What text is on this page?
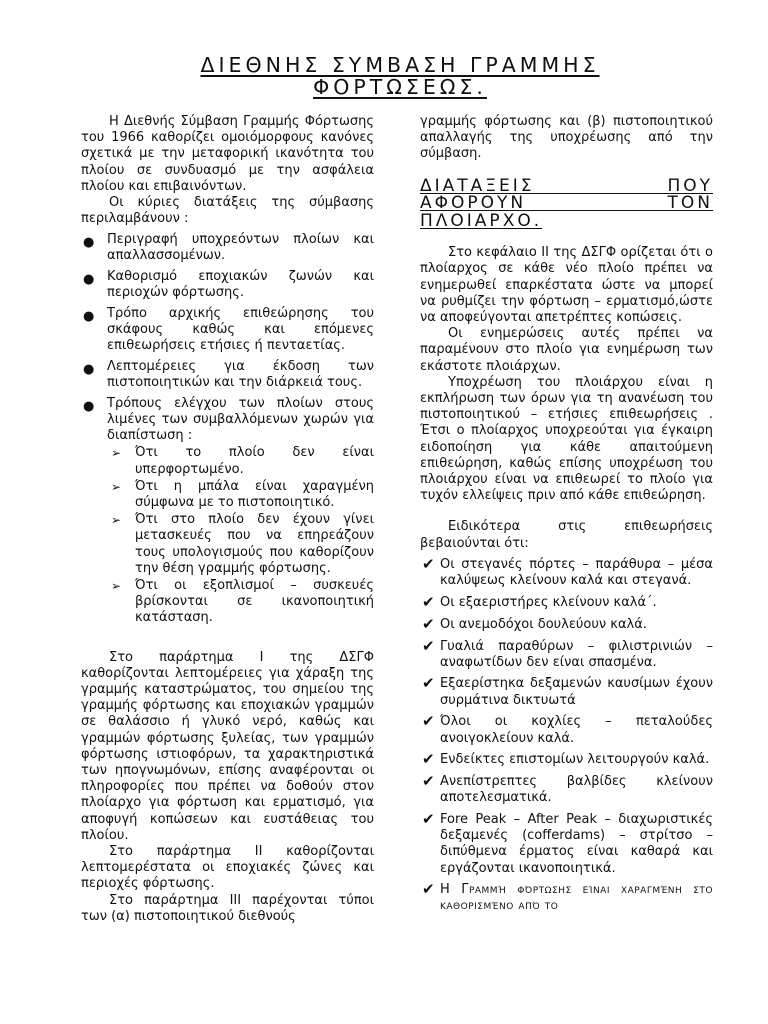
ΔΙΕΘΝΗΣ ΣΥΜΒΑΣΗ ΓΡΑΜΜΗΣ
ΦΟΡΤΩΣΕΩΣ.

Η Διεθνής Σύμβαση Γραμμής Φόρτωσης του 1966 καθορίζει ομοιόμορφους κανόνες σχετικά με την μεταφορική ικανότητα του πλοίου σε συνδυασμό με την ασφάλεια πλοίου και επιβαινόντων.

Οι κύριες διατάξεις της σύμβασης περιλαμβάνουν :

● Περιγραφή υποχρεόντων πλοίων και απαλλασσομένων.
● Καθορισμό εποχιακών ζωνών και περιοχών φόρτωσης.
● Τρόπο αρχικής επιθεώρησης του σκάφους καθώς και επόμενες επιθεωρήσεις ετήσιες ή πενταετίας.
● Λεπτομέρειες για έκδοση των πιστοποιητικών και την διάρκειά τους.
● Τρόπους ελέγχου των πλοίων στους λιμένες των συμβαλλόμενων χωρών για διαπίστωση :
➢ Ότι το πλοίο δεν είναι υπερφορτωμένο.
➢ Ότι η μπάλα είναι χαραγμένη σύμφωνα με το πιστοποιητικό.
➢ Ότι στο πλοίο δεν έχουν γίνει μετασκευές που να επηρεάζουν τους υπολογισμούς που καθορίζουν την θέση γραμμής φόρτωσης.
➢ Ότι οι εξοπλισμοί – συσκευές βρίσκονται σε ικανοποιητική κατάσταση.

Στο παράρτημα I της ΔΣΓΦ καθορίζονται λεπτομέρειες για χάραξη της γραμμής καταστρώματος, του σημείου της γραμμής φόρτωσης και εποχιακών γραμμών σε θαλάσσιο ή γλυκό νερό, καθώς και γραμμών φόρτωσης ξυλείας, των γραμμών φόρτωσης ιστιοφόρων, τα χαρακτηριστικά των ηπογνωμόνων, επίσης αναφέρονται οι πληροφορίες που πρέπει να δοθούν στον πλοίαρχο για φόρτωση και ερματισμό, για αποφυγή κοπώσεων και ευστάθειας του πλοίου.

Στο παράρτημα II καθορίζονται λεπτομερέστατα οι εποχιακές ζώνες και περιοχές φόρτωσης.

Στο παράρτημα III παρέχονται τύποι των (α) πιστοποιητικού διεθνούς

γραμμής φόρτωσης και (β) πιστοποιητικού απαλλαγής της υποχρέωσης από την σύμβαση.

ΔΙΑΤΑΞΕΙΣ ΠΟΥ

ΑΦΟΡΟΥΝ ΤΟΝ

ΠΛΟΙΑΡΧΟ.

Στο κεφάλαιο II της ΔΣΓΦ ορίζεται ότι ο πλοίαρχος σε κάθε νέο πλοίο πρέπει να ενημερωθεί επαρκέστατα ώστε να μπορεί να ρυθμίζει την φόρτωση – ερματισμό,ώστε να αποφεύγονται απετρέπτες κοπώσεις.

Οι ενημερώσεις αυτές πρέπει να παραμένουν στο πλοίο για ενημέρωση των εκάστοτε πλοιάρχων.

Υποχρέωση του πλοιάρχου είναι η εκπλήρωση των όρων για τη ανανέωση του πιστοποιητικού – ετήσιες επιθεωρήσεις . Έτσι ο πλοίαρχος υποχρεούται για έγκαιρη ειδοποίηση για κάθε απαιτούμενη επιθεώρηση, καθώς επίσης υποχρέωση του πλοιάρχου είναι να επιθεωρεί το πλοίο για τυχόν ελλείψεις πριν από κάθε επιθεώρηση.

Ειδικότερα στις επιθεωρήσεις βεβαιούνται ότι:

✔ Οι στεγανές πόρτες – παράθυρα – μέσα καλύψεως κλείνουν καλά και στεγανά.
✔ Οι εξαεριστήρες κλείνουν καλά΄.
✔ Οι ανεμοδόχοι δουλεύουν καλά.
✔ Γυαλιά παραθύρων – φιλιστρινιών – αναφωτίδων δεν είναι σπασμένα.
✔ Εξαερίστηκα δεξαμενών καυσίμων έχουν συρμάτινα δικτυωτά
✔ Όλοι οι κοχλίες – πεταλούδες ανοιγοκλείουν καλά.
✔ Ενδείκτες επιστομίων λειτουργούν καλά.
✔ Ανεπίστρεπτες βαλβίδες κλείνουν αποτελεσματικά.
✔ Fore Peak – After Peak – διαχωριστικές δεξαμενές (cofferdams) – στρίτσο – διπύθμενα έρματος είναι καθαρά και εργάζονται ικανοποιητικά.
✔ Η Γραμμή φόρτωσης είναι χαραγμένη στο καθορισμένο από το
